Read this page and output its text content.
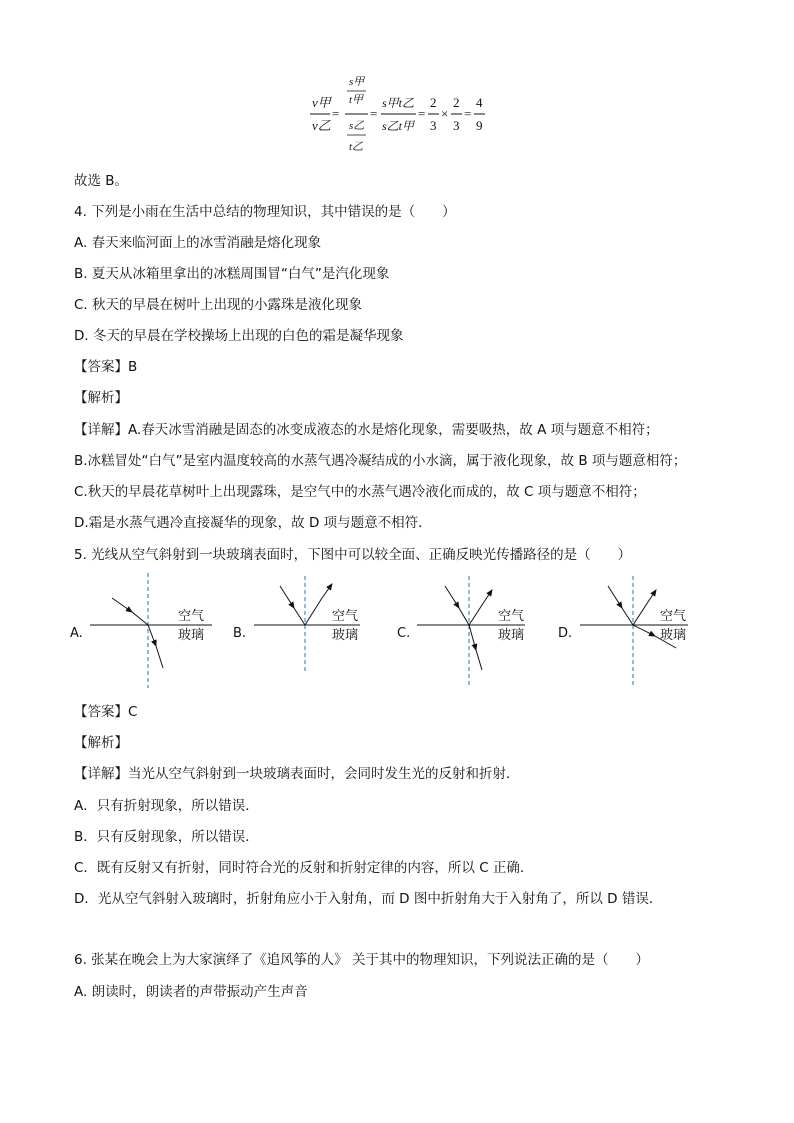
v甲
v乙
=
s甲
t甲
s乙
t乙
=
s甲t乙
s乙t甲
=
2
3
×
2
3
=
4
9
故选 B。
4. 下列是小雨在生活中总结的物理知识，其中错误的是（　　）
A. 春天来临河面上的冰雪消融是熔化现象
B. 夏天从冰箱里拿出的冰糕周围冒“白气”是汽化现象
C. 秋天的早晨在树叶上出现的小露珠是液化现象
D. 冬天的早晨在学校操场上出现的白色的霜是凝华现象
【答案】B
【解析】
【详解】A.春天冰雪消融是固态的冰变成液态的水是熔化现象，需要吸热，故 A 项与题意不相符；
B.冰糕冒处“白气”是室内温度较高的水蒸气遇冷凝结成的小水滴，属于液化现象，故 B 项与题意相符；
C.秋天的早晨花草树叶上出现露珠，是空气中的水蒸气遇冷液化而成的，故 C 项与题意不相符；
D.霜是水蒸气遇冷直接凝华的现象，故 D 项与题意不相符．
5. 光线从空气斜射到一块玻璃表面时，下图中可以较全面、正确反映光传播路径的是（　　）
A.
空气
玻璃 B.
空气
玻璃	C.
空气
玻璃	D.
空气
玻璃
【答案】C
【解析】
【详解】当光从空气斜射到一块玻璃表面时，会同时发生光的反射和折射．
A．只有折射现象，所以错误．
B．只有反射现象，所以错误．
C．既有反射又有折射，同时符合光的反射和折射定律的内容，所以 C 正确．
D．光从空气斜射入玻璃时，折射角应小于入射角，而 D 图中折射角大于入射角了，所以 D 错误．
6. 张某在晚会上为大家演绎了《追风筝的人》 关于其中的物理知识，下列说法正确的是（　　）
A. 朗读时，朗读者的声带振动产生声音
